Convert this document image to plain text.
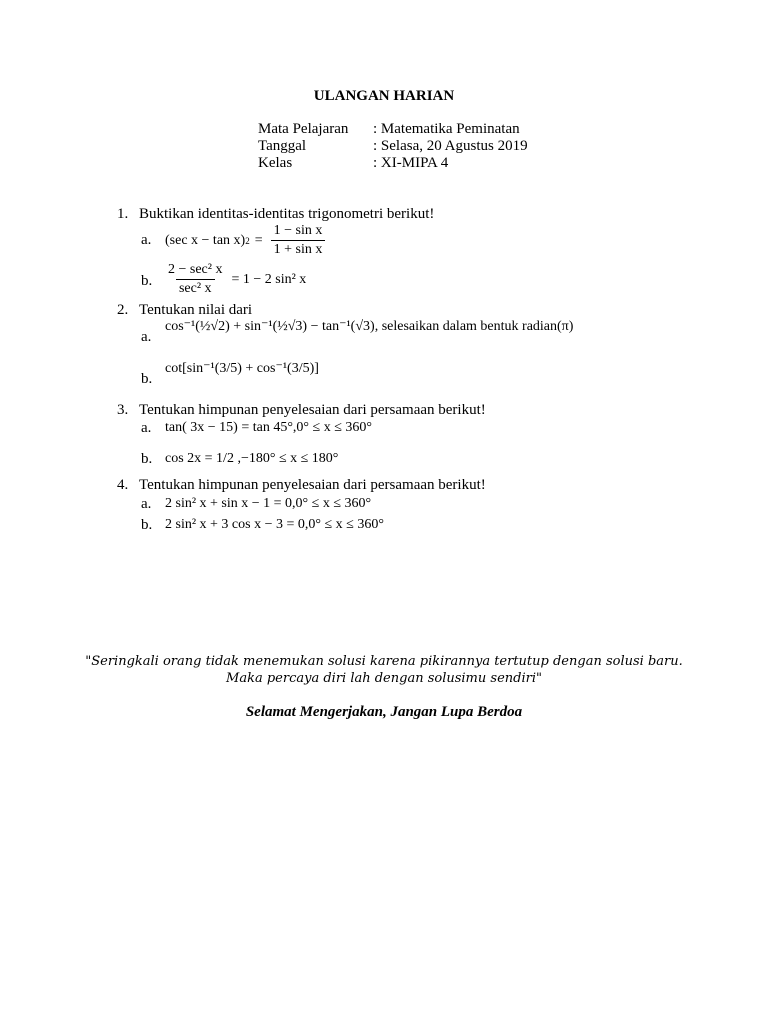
ULANGAN HARIAN
Mata Pelajaran : Matematika Peminatan
Tanggal	: Selasa, 20 Agustus 2019
Kelas	: XI-MIPA 4
1. Buktikan identitas-identitas trigonometri berikut!
a. (sec x − tan x) $2 = \frac{\text{1 − sin x}}{\text{1 + sin x}}$
b. $\frac{\text{2 − sec² x}}{\text{sec² x}} = 1 - 2$ sin² x
2. Tentukan nilai dari
a.
cos⁻¹(½√2) + sin⁻¹(½√3) − tan⁻¹(√3) , selesaikan dalam bentuk radian(π)
b.
cot[sin⁻¹(3/5) + cos⁻¹(3/5)]
3. Tentukan himpunan penyelesaian dari persamaan berikut!
a. tan( 3x − 15) = tan 45°,0° ≤ x ≤ 360°
b. cos 2x = 1/2 ,−180° ≤ x ≤ 180°
4. Tentukan himpunan penyelesaian dari persamaan berikut!
a. 2 sin² x + sin x − 1 = 0,0° ≤ x ≤ 360°
b. 2 sin² x + 3 cos x − 3 = 0,0° ≤ x ≤ 360°
"Seringkali orang tidak menemukan solusi karena pikirannya tertutup dengan solusi baru.
Maka percaya diri lah dengan solusimu sendiri"
Selamat Mengerjakan, Jangan Lupa Berdoa
